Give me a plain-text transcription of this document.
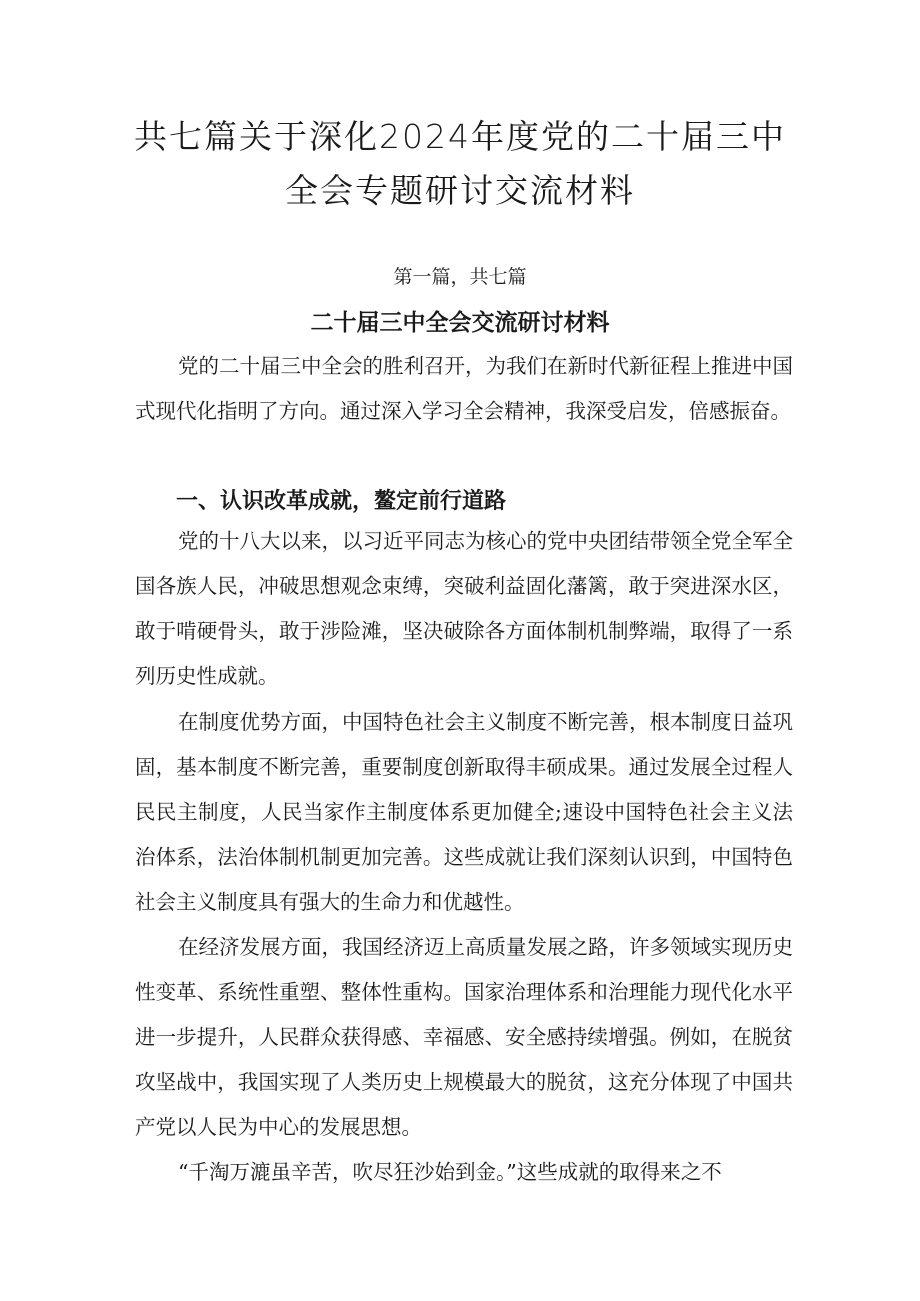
共七篇关于深化2024年度党的二十届三中
全会专题研讨交流材料

第一篇，共七篇

二十届三中全会交流研讨材料

党的二十届三中全会的胜利召开，为我们在新时代新征程上推进中国式现代化指明了方向。通过深入学习全会精神，我深受启发，倍感振奋。

一、认识改革成就，鳌定前行道路

党的十八大以来，以习近平同志为核心的党中央团结带领全党全军全国各族人民，冲破思想观念束缚，突破利益固化藩篱，敢于突进深水区，敢于啃硬骨头，敢于涉险滩，坚决破除各方面体制机制弊端，取得了一系列历史性成就。

在制度优势方面，中国特色社会主义制度不断完善，根本制度日益巩固，基本制度不断完善，重要制度创新取得丰硕成果。通过发展全过程人民民主制度，人民当家作主制度体系更加健全;速设中国特色社会主义法治体系，法治体制机制更加完善。这些成就让我们深刻认识到，中国特色社会主义制度具有强大的生命力和优越性。

在经济发展方面，我国经济迈上高质量发展之路，许多领域实现历史性变革、系统性重塑、整体性重构。国家治理体系和治理能力现代化水平进一步提升，人民群众获得感、幸福感、安全感持续增强。例如，在脱贫攻坚战中，我国实现了人类历史上规模最大的脱贫，这充分体现了中国共产党以人民为中心的发展思想。

“千淘万漉虽辛苦，吹尽狂沙始到金。”这些成就的取得来之不
